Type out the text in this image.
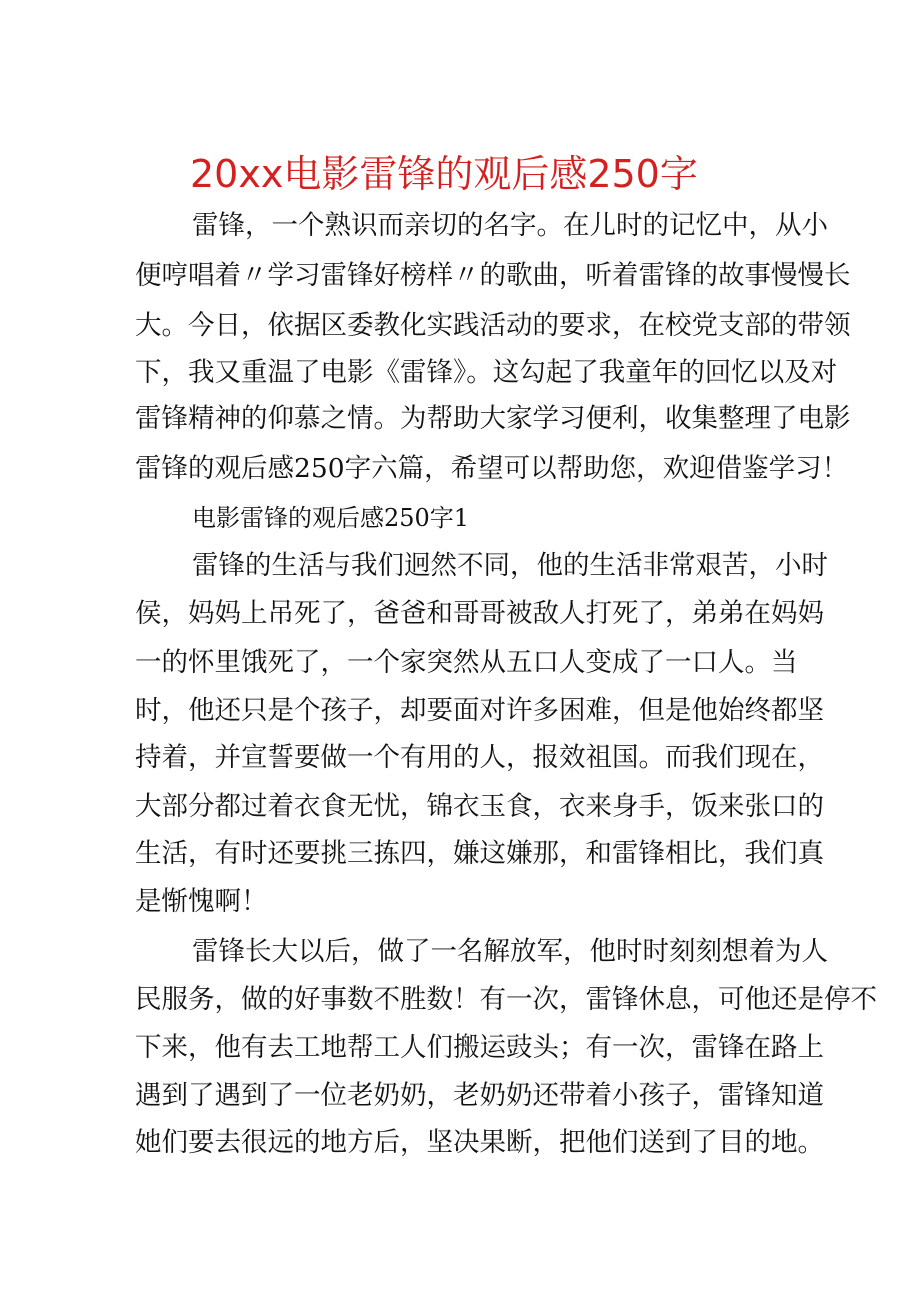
20xx电影雷锋的观后感250字
雷锋，一个熟识而亲切的名字。在儿时的记忆中，从小
便哼唱着〃学习雷锋好榜样〃的歌曲，听着雷锋的故事慢慢长
大。今日，依据区委教化实践活动的要求，在校党支部的带领
下，我又重温了电影《雷锋》。这勾起了我童年的回忆以及对
雷锋精神的仰慕之情。为帮助大家学习便利，收集整理了电影
雷锋的观后感250字六篇，希望可以帮助您，欢迎借鉴学习！
电影雷锋的观后感250字1
雷锋的生活与我们迥然不同，他的生活非常艰苦，小时
侯，妈妈上吊死了，爸爸和哥哥被敌人打死了，弟弟在妈妈
一的怀里饿死了，一个家突然从五口人变成了一口人。当
时，他还只是个孩子，却要面对许多困难，但是他始终都坚
持着，并宣誓要做一个有用的人，报效祖国。而我们现在，
大部分都过着衣食无忧，锦衣玉食，衣来身手，饭来张口的
生活，有时还要挑三拣四，嫌这嫌那，和雷锋相比，我们真
是惭愧啊！
雷锋长大以后，做了一名解放军，他时时刻刻想着为人
民服务，做的好事数不胜数！有一次，雷锋休息，可他还是停不
下来，他有去工地帮工人们搬运豉头；有一次，雷锋在路上
遇到了遇到了一位老奶奶，老奶奶还带着小孩子，雷锋知道
她们要去很远的地方后，坚决果断，把他们送到了目的地。
